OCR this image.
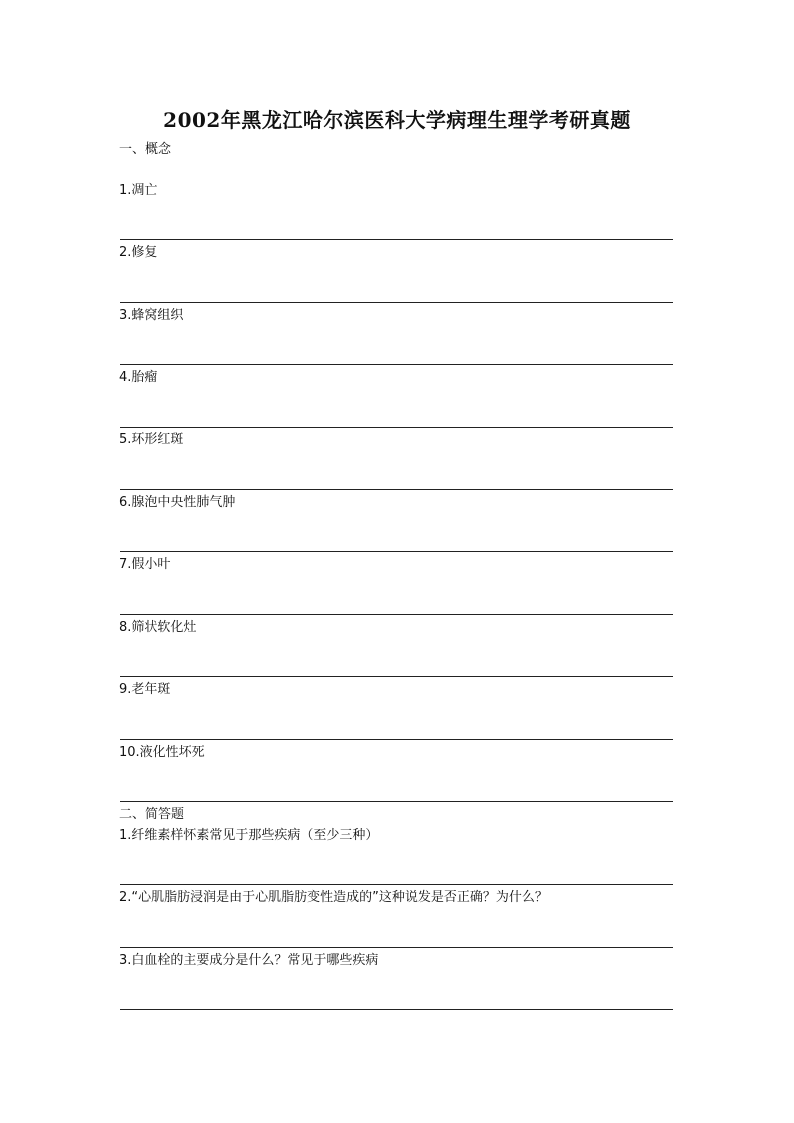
2002年黑龙江哈尔滨医科大学病理生理学考研真题
一、概念
1.凋亡
2.修复
3.蜂窝组织
4.胎瘤
5.环形红斑
6.腺泡中央性肺气肿
7.假小叶
8.筛状软化灶
9.老年斑
10.液化性坏死
二、简答题
1.纤维素样怀素常见于那些疾病（至少三种）
2.“心肌脂肪浸润是由于心肌脂肪变性造成的”这种说发是否正确？为什么？
3.白血栓的主要成分是什么？常见于哪些疾病
